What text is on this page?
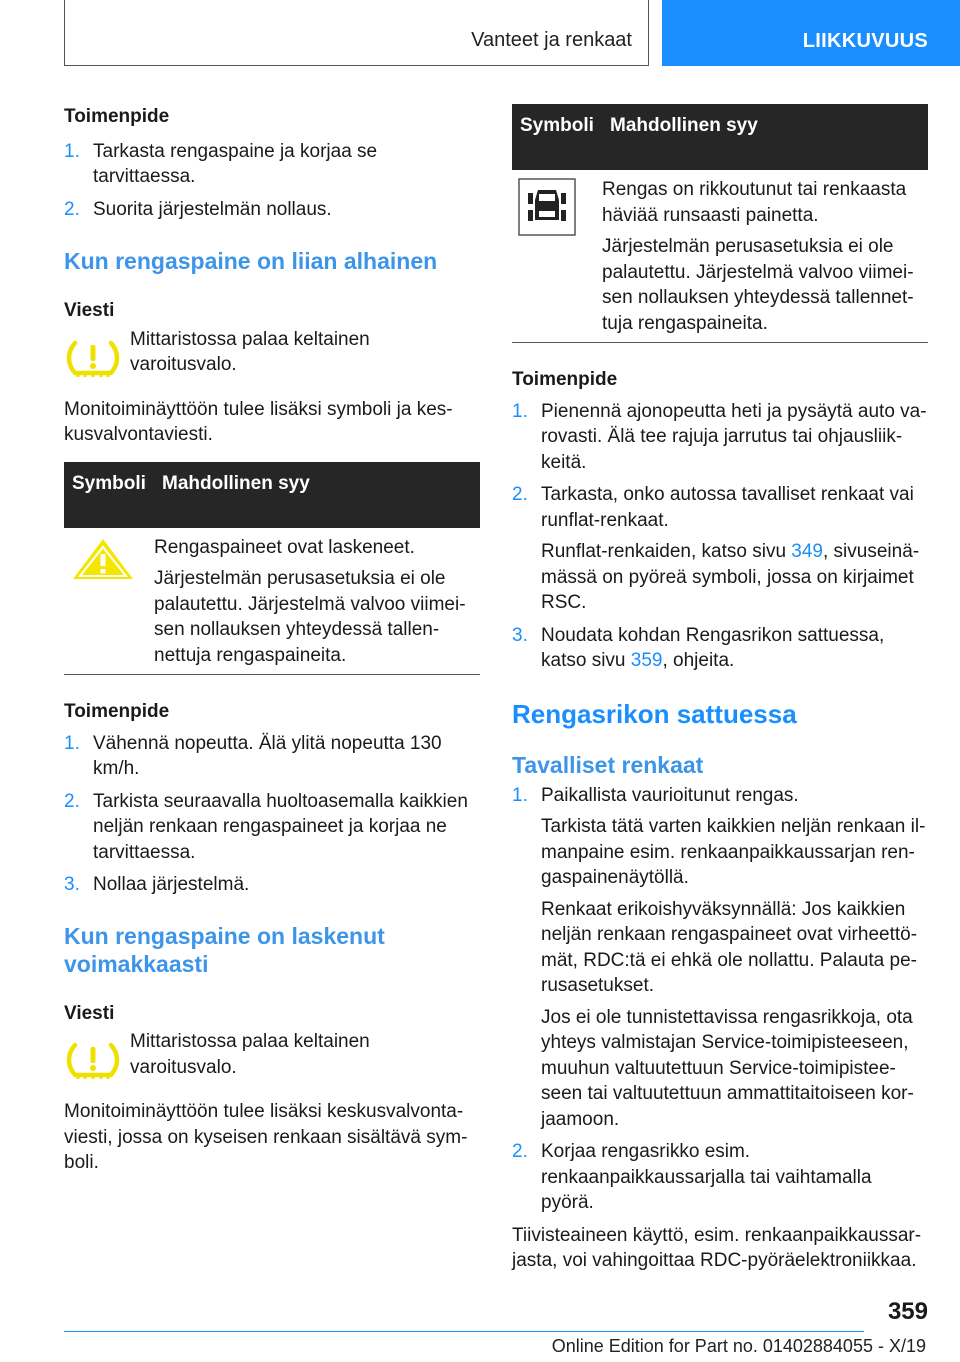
Vanteet ja renkaat	LIIKKUVUUS
Toimenpide
1. Tarkasta rengaspaine ja korjaa se tarvittaessa.
2. Suorita järjestelmän nollaus.
Kun rengaspaine on liian alhainen
Viesti
Mittaristossa palaa keltainen varoitusvalo.
Monitoiminäyttöön tulee lisäksi symboli ja keskusvalvontaviesti.
Symboli	Mahdollinen syy

Rengaspaineet ovat laskeneet.
Järjestelmän perusasetuksia ei ole palautettu. Järjestelmä valvoo viimeisen nollauksen yhteydessä tallennettuja rengaspaineita.
Toimenpide
1. Vähennä nopeutta. Älä ylitä nopeutta 130 km/h.
2. Tarkista seuraavalla huoltoasemalla kaikkien neljän renkaan rengaspaineet ja korjaa ne tarvittaessa.
3. Nollaa järjestelmä.
Kun rengaspaine on laskenut voimakkaasti
Viesti
Mittaristossa palaa keltainen varoitusvalo.
Monitoiminäyttöön tulee lisäksi keskusvalvontaviesti, jossa on kyseisen renkaan sisältävä symboli.
Symboli	Mahdollinen syy

Rengas on rikkoutunut tai renkaasta häviää runsaasti painetta.
Järjestelmän perusasetuksia ei ole palautettu. Järjestelmä valvoo viimeisen nollauksen yhteydessä tallennettuja rengaspaineita.
Toimenpide
1. Pienennä ajonopeutta heti ja pysäytä auto varovasti. Älä tee rajuja jarrutus tai ohjausliikkeitä.
2. Tarkasta, onko autossa tavalliset renkaat vai runflat-renkaat.
Runflat-renkaiden, katso sivu 349, sivuseinämässä on pyöreä symboli, jossa on kirjaimet RSC.
3. Noudata kohdan Rengasrikon sattuessa, katso sivu 359, ohjeita.
Rengasrikon sattuessa
Tavalliset renkaat
1. Paikallista vaurioitunut rengas.
Tarkista tätä varten kaikkien neljän renkaan ilmanpaine esim. renkaanpaikkaussarjan rengaspainenäytöllä.
Renkaat erikoishyväksynnällä: Jos kaikkien neljän renkaan rengaspaineet ovat virheettömät, RDC:tä ei ehkä ole nollattu. Palauta perusasetukset.
Jos ei ole tunnistettavissa rengasrikkoja, ota yhteys valmistajan Service-toimipisteeseen, muuhun valtuutettuun Service-toimipisteeseen tai valtuutettuun ammattitaitoiseen korjaamoon.
2. Korjaa rengasrikko esim. renkaanpaikkaussarjalla tai vaihtamalla pyörä.
Tiivisteaineen käyttö, esim. renkaanpaikkaussarjasta, voi vahingoittaa RDC-pyöräelektroniikkaa.
359
Online Edition for Part no. 01402884055 - X/19
